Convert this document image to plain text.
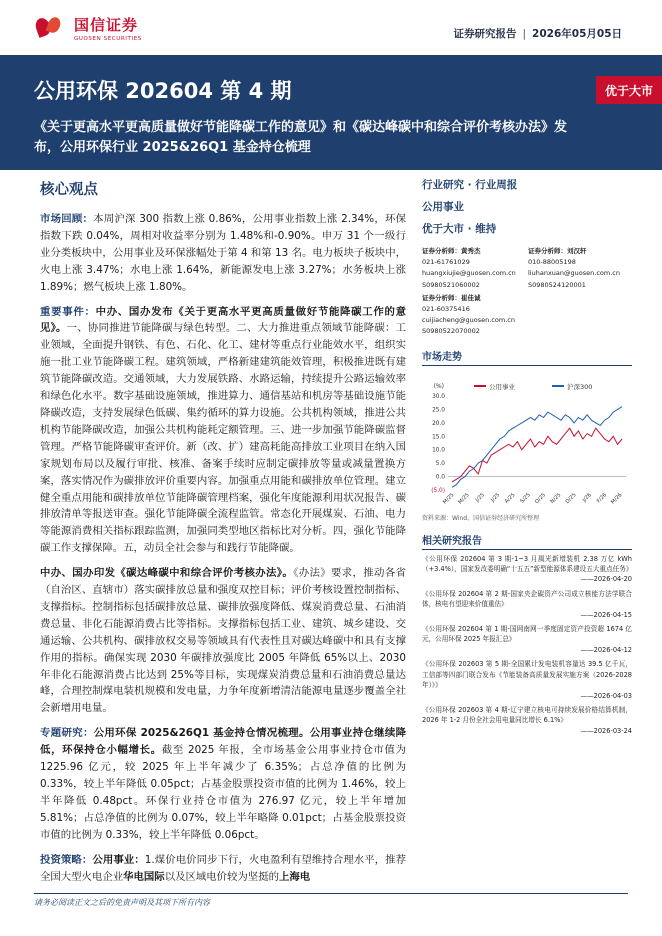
国信证券
GUOSEN SECURITIES	证券研究报告 | 2026年05月05日
公用环保 202604 第 4 期
《关于更高水平更高质量做好节能降碳工作的意见》和《碳达峰碳中和综合评价考核办法》发布，公用环保行业 2025&26Q1 基金持仓梳理
优于大市
核心观点

市场回顾：本周沪深 300 指数上涨 0.86%，公用事业指数上涨 2.34%，环保指数下跌 0.04%，周相对收益率分别为 1.48%和-0.90%。申万 31 个一级行业分类板块中，公用事业及环保涨幅处于第 4 和第 13 名。电力板块子板块中，火电上涨 3.47%；水电上涨 1.64%，新能源发电上涨 3.27%；水务板块上涨 1.89%；燃气板块上涨 1.80%。

重要事件：中办、国办发布《关于更高水平更高质量做好节能降碳工作的意见》。一、协同推进节能降碳与绿色转型。二、大力推进重点领域节能降碳：工业领域，全面提升钢铁、有色、石化、化工、建材等重点行业能效水平，组织实施一批工业节能降碳工程。建筑领域，严格新建建筑能效管理，积极推进既有建筑节能降碳改造。交通领域，大力发展铁路、水路运输，持续提升公路运输效率和绿色化水平。数字基础设施领域，推进算力、通信基站和机房等基础设施节能降碳改造，支持发展绿色低碳、集约循环的算力设施。公共机构领域，推进公共机构节能降碳改造，加强公共机构能耗定额管理。三、进一步加强节能降碳监督管理。严格节能降碳审查评价。新（改、扩）建高耗能高排放工业项目在纳入国家规划布局以及履行审批、核准、备案手续时应制定碳排放等量或减量置换方案，落实情况作为碳排放评价重要内容。加强重点用能和碳排放单位管理。建立健全重点用能和碳排放单位节能降碳管理档案，强化年度能源利用状况报告、碳排放清单等报送审查。强化节能降碳全流程监管。常态化开展煤炭、石油、电力等能源消费相关指标跟踪监测，加强同类型地区指标比对分析。四，强化节能降碳工作支撑保障。五，动员全社会参与和践行节能降碳。

中办、国办印发《碳达峰碳中和综合评价考核办法》。《办法》要求，推动各省（自治区、直辖市）落实碳排放总量和强度双控目标；评价考核设置控制指标、支撑指标。控制指标包括碳排放总量、碳排放强度降低、煤炭消费总量、石油消费总量、非化石能源消费占比等指标。支撑指标包括工业、建筑、城乡建设、交通运输、公共机构、碳排放权交易等领域具有代表性且对碳达峰碳中和具有支撑作用的指标。确保实现 2030 年碳排放强度比 2005 年降低 65%以上、2030 年非化石能源消费占比达到 25%等目标，实现煤炭消费总量和石油消费总量达峰，合理控制煤电装机规模和发电量，力争年度新增清洁能源电量逐步覆盖全社会新增用电量。

专题研究：公用环保 2025&26Q1 基金持仓情况梳理。公用事业持仓继续降低，环保持仓小幅增长。截至 2025 年报，全市场基金公用事业持仓市值为 1225.96 亿元，较 2025 年上半年减少了 6.35%；占总净值的比例为 0.33%，较上半年降低 0.05pct；占基金股票投资市值的比例为 1.46%，较上半年降低 0.48pct。环保行业持仓市值为 276.97 亿元，较上半年增加 5.81%；占总净值的比例为 0.07%，较上半年略降 0.01pct；占基金股票投资市值的比例为 0.33%，较上半年降低 0.06pct。

投资策略：公用事业：1.煤价电价同步下行，火电盈利有望维持合理水平，推荐全国大型火电企业华电国际以及区域电价较为坚挺的上海电

行业研究 · 行业周报
公用事业
优于大市 · 维持
证券分析师：黄秀杰
021-61761029
huangxiujie@guosen.com.cn
S0980521060002
证券分析师：刘汉轩
010-88005198
liuhanxuan@guosen.com.cn
S0980524120001
证券分析师：崔佳诚
021-60375416
cuijiacheng@guosen.com.cn
S0980522070002
市场走势
(%)
30.0
25.0
20.0
15.0
10.0
5.0
0.0
(5.0)
M/25 M/25 J/25 J/25 A/25 S/25 O/25 N/25 D/25 J/26 F/26 M/26
公用事业	沪深300
资料来源：Wind、国信证券经济研究所整理
相关研究报告
《公用环保 202604 第 3 期-1~3 月風光新增装机 2.38 万亿 kWh（+3.4%），国家发改委明确“十五五”新型能源体系建设五大重点任务》
——2026-04-20
《公用环保 202604 第 2 期-国家央企碳资产公司成立核能方法学联合体，核电有望迎来价值重估》
——2026-04-15
《公用环保 202604 第 1 期-国网南网一季度固定资产投资超 1674 亿元，公用环保 2025 年报汇总》
——2026-04-12
《公用环保 202603 第 5 期-全国累计发电装机容量达 39.5 亿千瓦，工信部等四部门联合发布《节能装备高质量发展实施方案（2026-2028 年）》》
——2026-04-03
《公用环保 202603 第 4 期-辽宁建立核电可持续发展价格结算机制，2026 年 1-2 月份全社会用电量同比增长 6.1%》
——2026-03-24
请务必阅读正文之后的免责声明及其项下所有内容
